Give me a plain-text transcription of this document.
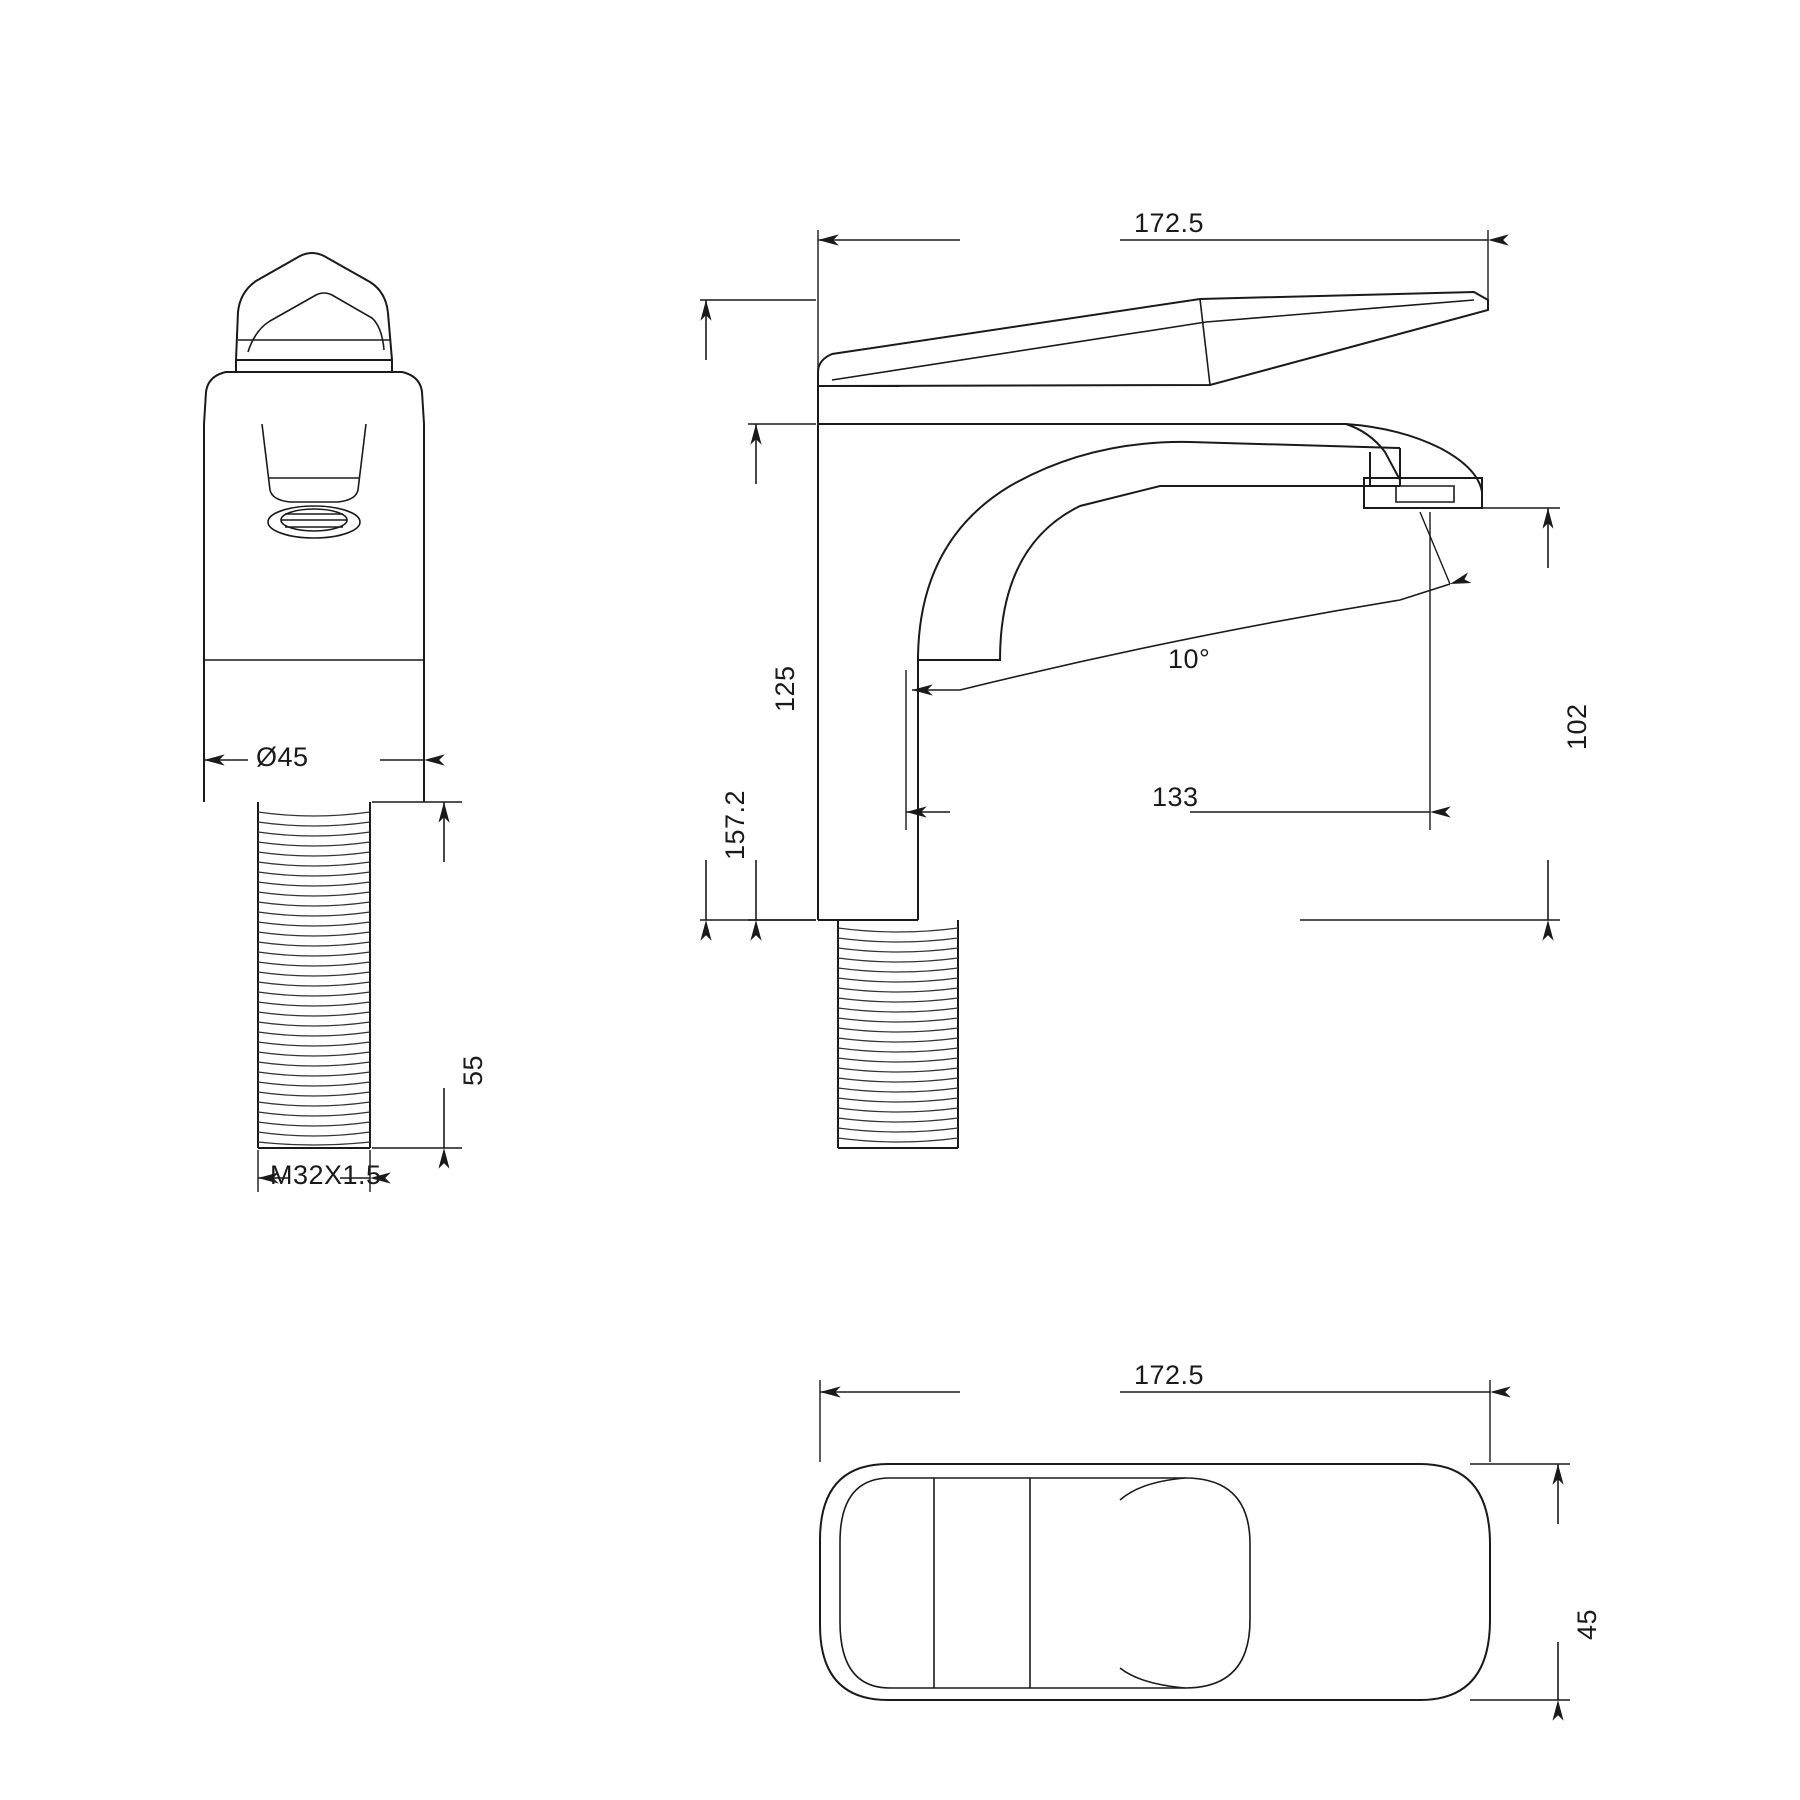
Ø45
55
M32X1.5
172.5
157.2
125
102
133
10°
172.5
45
